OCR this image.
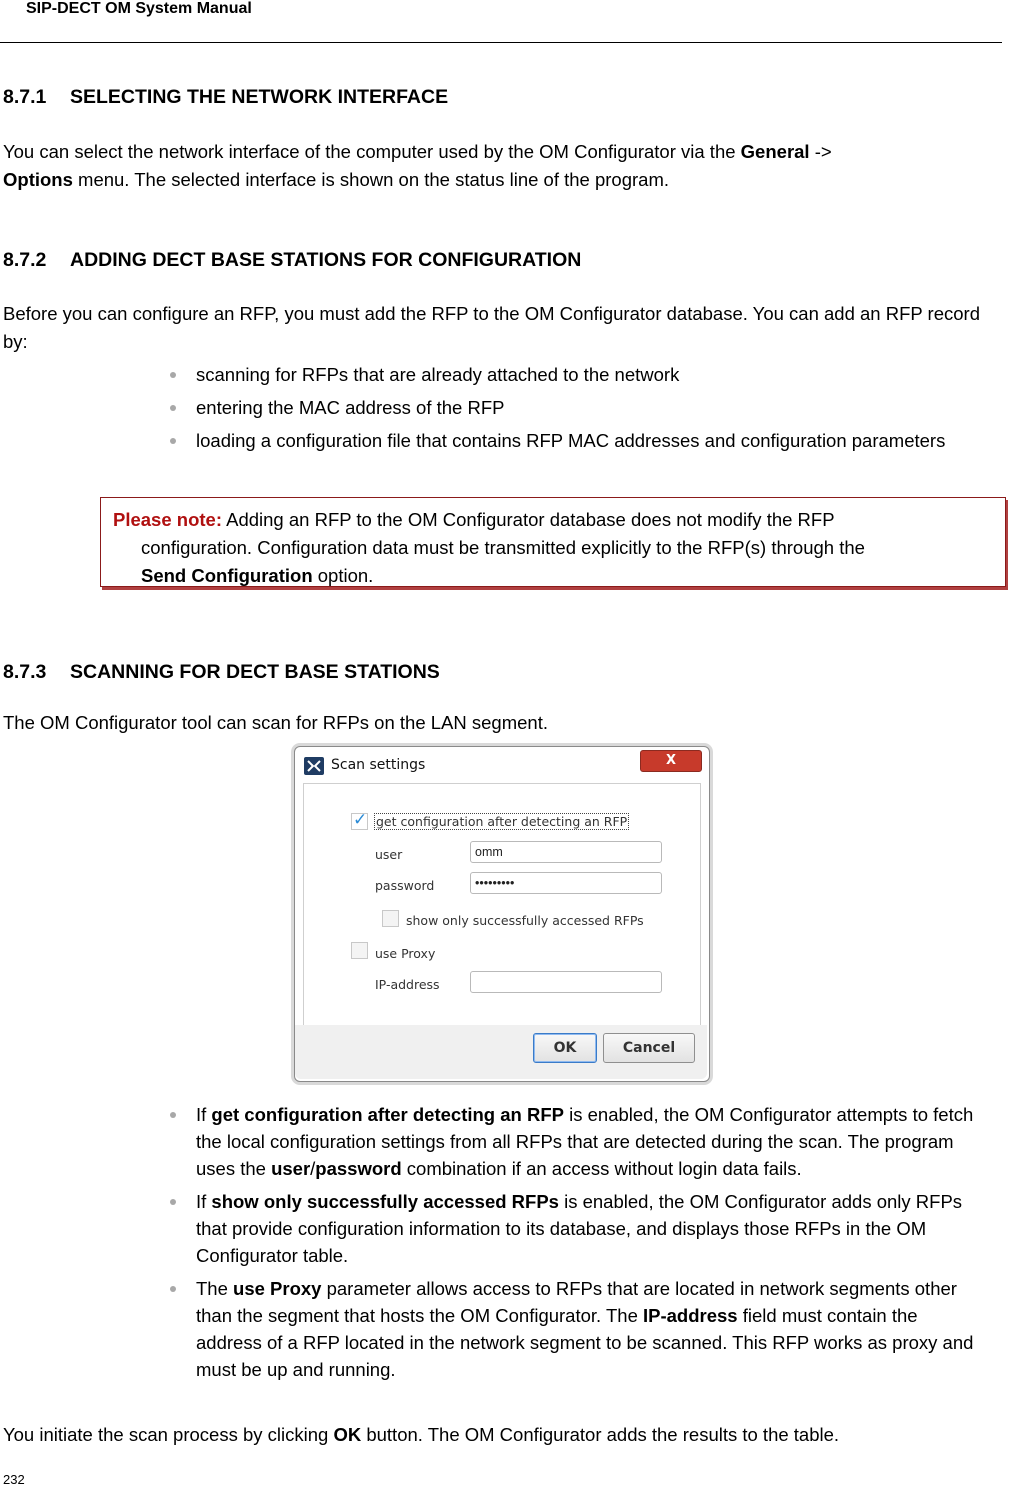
SIP-DECT OM System Manual
8.7.1 SELECTING THE NETWORK INTERFACE
You can select the network interface of the computer used by the OM Configurator via the General ->
Options menu. The selected interface is shown on the status line of the program.
8.7.2 ADDING DECT BASE STATIONS FOR CONFIGURATION
Before you can configure an RFP, you must add the RFP to the OM Configurator database. You can add an RFP record by:
scanning for RFPs that are already attached to the network
entering the MAC address of the RFP
loading a configuration file that contains RFP MAC addresses and configuration parameters
Please note: Adding an RFP to the OM Configurator database does not modify the RFP

configuration. Configuration data must be transmitted explicitly to the RFP(s) through the
Send Configuration option.
8.7.3 SCANNING FOR DECT BASE STATIONS
The OM Configurator tool can scan for RFPs on the LAN segment.
Scan settings	X
✓
get configuration after detecting an RFP
user
omm
password
•••••••••
show only successfully accessed RFPs
use Proxy
IP-address
OK	Cancel
If get configuration after detecting an RFP is enabled, the OM Configurator attempts to fetch the local configuration settings from all RFPs that are detected during the scan. The program uses the user/password combination if an access without login data fails.
If show only successfully accessed RFPs is enabled, the OM Configurator adds only RFPs that provide configuration information to its database, and displays those RFPs in the OM Configurator table.
The use Proxy parameter allows access to RFPs that are located in network segments other than the segment that hosts the OM Configurator. The IP-address field must contain the address of a RFP located in the network segment to be scanned. This RFP works as proxy and must be up and running.
You initiate the scan process by clicking OK button. The OM Configurator adds the results to the table.
232
